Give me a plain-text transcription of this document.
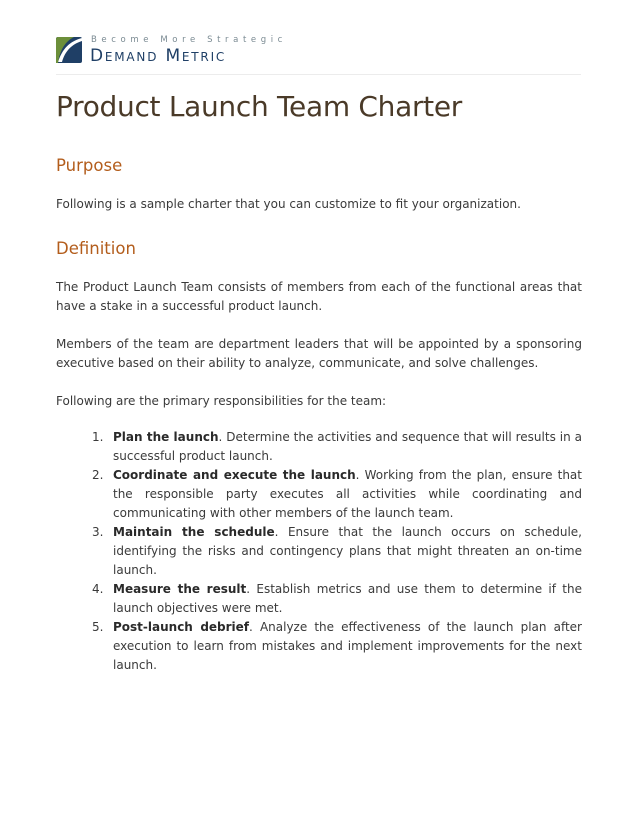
Become More Strategic
Demand Metric
Product Launch Team Charter
Purpose

Following is a sample charter that you can customize to fit your organization.

Definition

The Product Launch Team consists of members from each of the functional areas that have a stake in a successful product launch.

Members of the team are department leaders that will be appointed by a sponsoring executive based on their ability to analyze, communicate, and solve challenges.

Following are the primary responsibilities for the team:

1. Plan the launch. Determine the activities and sequence that will results in a successful product launch.
2. Coordinate and execute the launch. Working from the plan, ensure that the responsible party executes all activities while coordinating and communicating with other members of the launch team.
3. Maintain the schedule. Ensure that the launch occurs on schedule, identifying the risks and contingency plans that might threaten an on-time launch.
4. Measure the result. Establish metrics and use them to determine if the launch objectives were met.
5. Post-launch debrief. Analyze the effectiveness of the launch plan after execution to learn from mistakes and implement improvements for the next launch.
